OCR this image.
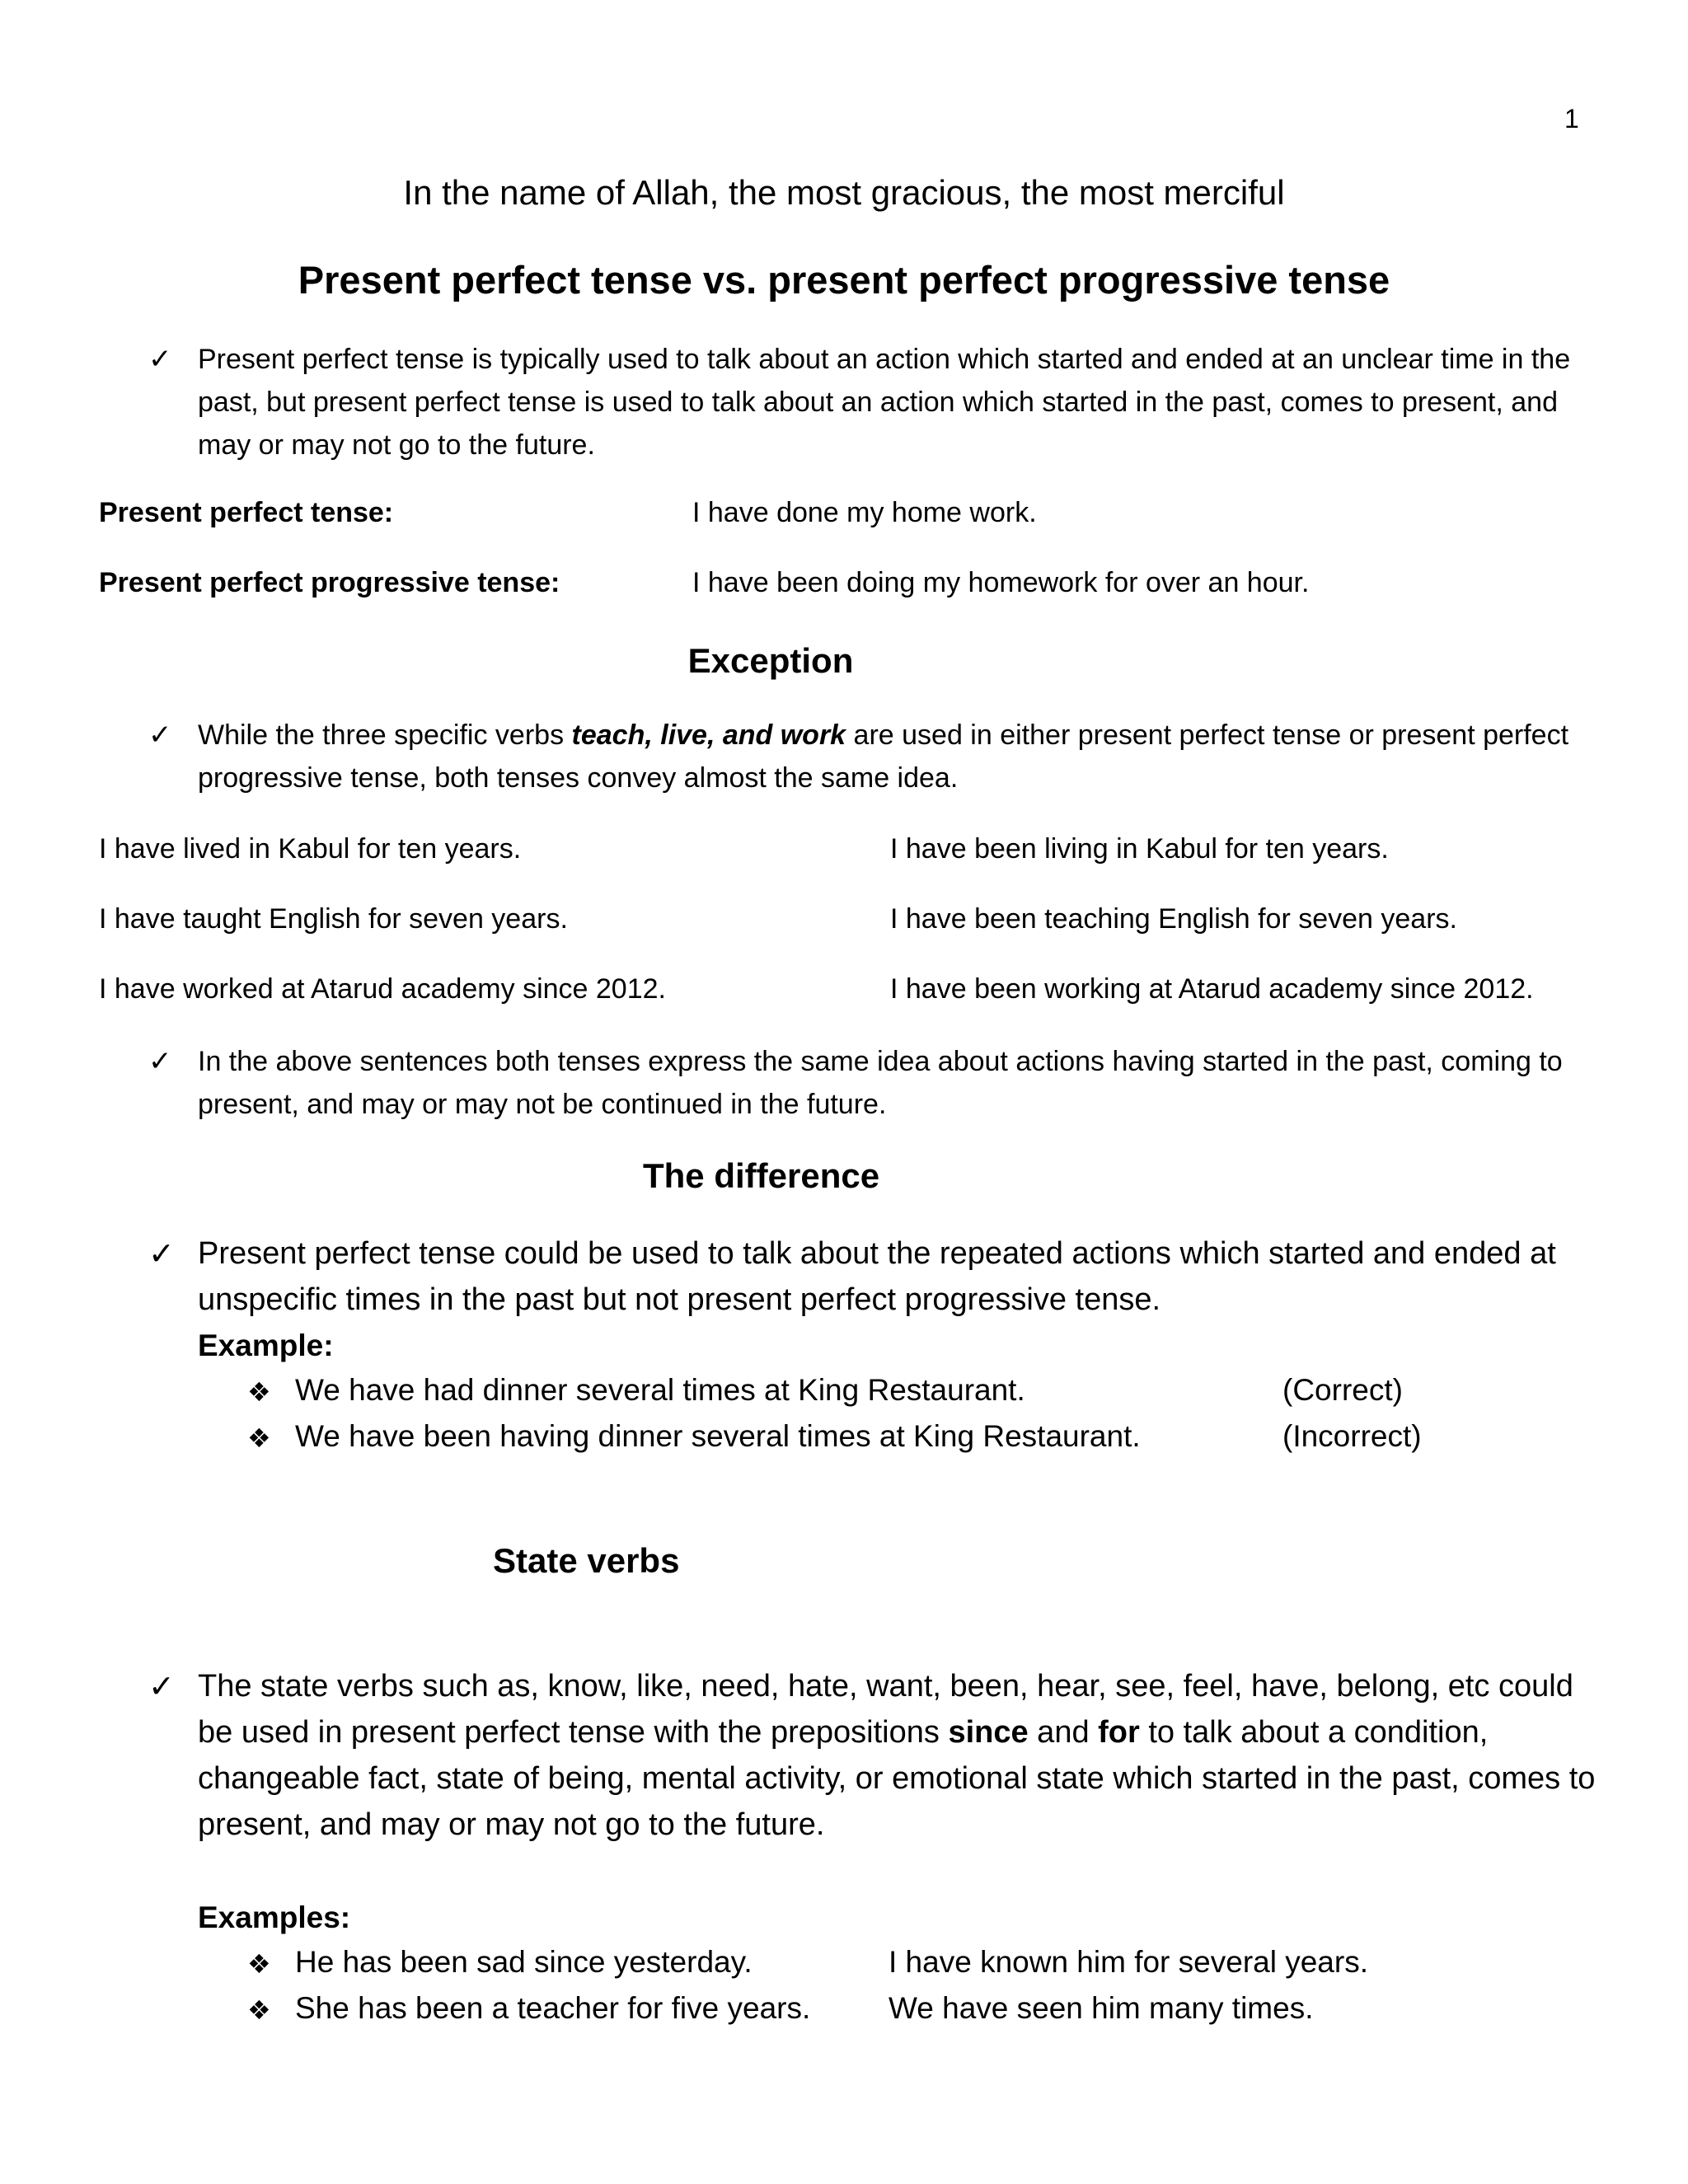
1
In the name of Allah, the most gracious, the most merciful
Present perfect tense vs. present perfect progressive tense
✓ Present perfect tense is typically used to talk about an action which started and ended at an unclear time in the past, but present perfect tense is used to talk about an action which started in the past, comes to present, and may or may not go to the future.
Present perfect tense:	I have done my home work.
Present perfect progressive tense:	I have been doing my homework for over an hour.
Exception
✓ While the three specific verbs teach, live, and work are used in either present perfect tense or present perfect progressive tense, both tenses convey almost the same idea.
I have lived in Kabul for ten years.	I have been living in Kabul for ten years.
I have taught English for seven years.	I have been teaching English for seven years.
I have worked at Atarud academy since 2012.	I have been working at Atarud academy since 2012.
✓ In the above sentences both tenses express the same idea about actions having started in the past, coming to present, and may or may not be continued in the future.
The difference
✓ Present perfect tense could be used to talk about the repeated actions which started and ended at unspecific times in the past but not present perfect progressive tense.
Example:
❖ We have had dinner several times at King Restaurant.	(Correct)
❖ We have been having dinner several times at King Restaurant.	(Incorrect)
State verbs
✓ The state verbs such as, know, like, need, hate, want, been, hear, see, feel, have, belong, etc could be used in present perfect tense with the prepositions since and for to talk about a condition, changeable fact, state of being, mental activity, or emotional state which started in the past, comes to present, and may or may not go to the future.
Examples:
❖ He has been sad since yesterday.	I have known him for several years.
❖ She has been a teacher for five years.	We have seen him many times.
